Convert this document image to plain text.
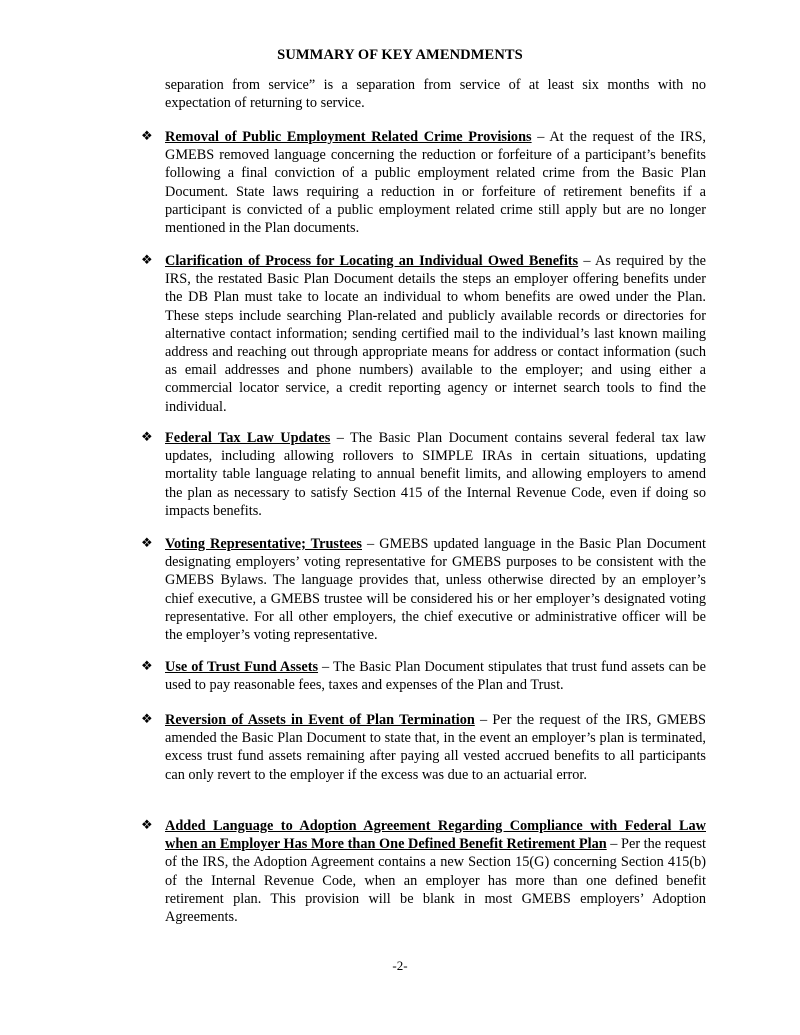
SUMMARY OF KEY AMENDMENTS
separation from service” is a separation from service of at least six months with no expectation of returning to service.
❖ Removal of Public Employment Related Crime Provisions – At the request of the IRS, GMEBS removed language concerning the reduction or forfeiture of a participant’s benefits following a final conviction of a public employment related crime from the Basic Plan Document. State laws requiring a reduction in or forfeiture of retirement benefits if a participant is convicted of a public employment related crime still apply but are no longer mentioned in the Plan documents.
❖ Clarification of Process for Locating an Individual Owed Benefits – As required by the IRS, the restated Basic Plan Document details the steps an employer offering benefits under the DB Plan must take to locate an individual to whom benefits are owed under the Plan. These steps include searching Plan-related and publicly available records or directories for alternative contact information; sending certified mail to the individual’s last known mailing address and reaching out through appropriate means for address or contact information (such as email addresses and phone numbers) available to the employer; and using either a commercial locator service, a credit reporting agency or internet search tools to find the individual.
❖ Federal Tax Law Updates – The Basic Plan Document contains several federal tax law updates, including allowing rollovers to SIMPLE IRAs in certain situations, updating mortality table language relating to annual benefit limits, and allowing employers to amend the plan as necessary to satisfy Section 415 of the Internal Revenue Code, even if doing so impacts benefits.
❖ Voting Representative; Trustees – GMEBS updated language in the Basic Plan Document designating employers’ voting representative for GMEBS purposes to be consistent with the GMEBS Bylaws. The language provides that, unless otherwise directed by an employer’s chief executive, a GMEBS trustee will be considered his or her employer’s designated voting representative. For all other employers, the chief executive or administrative officer will be the employer’s voting representative.
❖ Use of Trust Fund Assets – The Basic Plan Document stipulates that trust fund assets can be used to pay reasonable fees, taxes and expenses of the Plan and Trust.
❖ Reversion of Assets in Event of Plan Termination – Per the request of the IRS, GMEBS amended the Basic Plan Document to state that, in the event an employer’s plan is terminated, excess trust fund assets remaining after paying all vested accrued benefits to all participants can only revert to the employer if the excess was due to an actuarial error.
❖ Added Language to Adoption Agreement Regarding Compliance with Federal Law when an Employer Has More than One Defined Benefit Retirement Plan – Per the request of the IRS, the Adoption Agreement contains a new Section 15(G) concerning Section 415(b) of the Internal Revenue Code, when an employer has more than one defined benefit retirement plan. This provision will be blank in most GMEBS employers’ Adoption Agreements.
-2-
